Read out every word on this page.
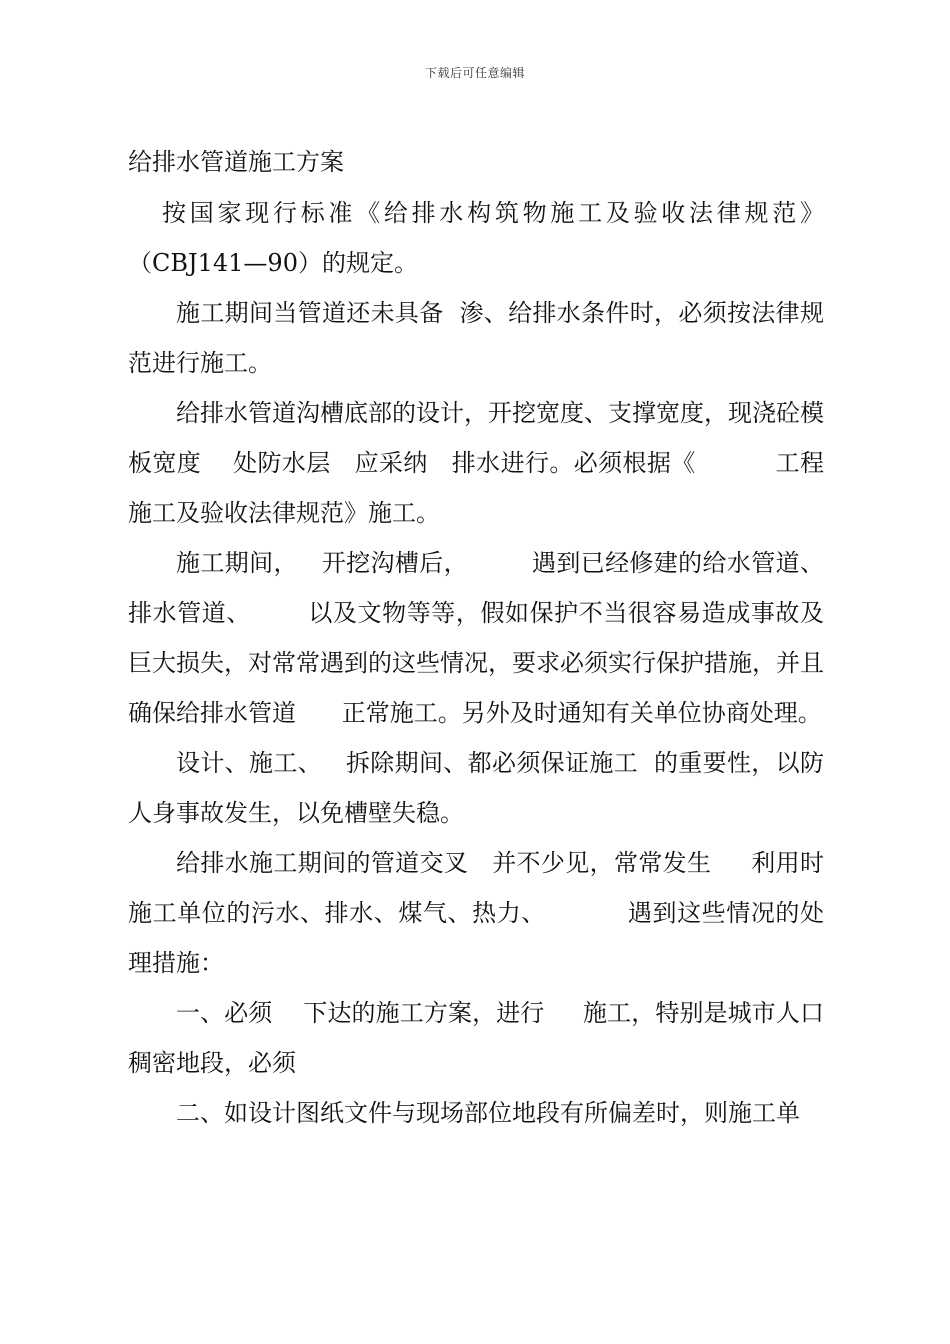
下载后可任意编辑
给排水管道施工方案

按国家现行标准《给排水构筑物施工及验收法律规范》（CBJ141—90）的规定。

施工期间当管道还未具备  渗、给排水条件时，必须按法律规范进行施工。

给排水管道沟槽底部的设计，开挖宽度、支撑宽度，现浇砼模板宽度    处防水层   应采纳   排水进行。必须根据《          工程施工及验收法律规范》施工。

施工期间，   开挖沟槽后，        遇到已经修建的给水管道、排水管道、       以及文物等等，假如保护不当很容易造成事故及巨大损失，对常常遇到的这些情况，要求必须实行保护措施，并且确保给排水管道      正常施工。另外及时通知有关单位协商处理。

设计、施工、   拆除期间、都必须保证施工  的重要性，以防人身事故发生，以免槽壁失稳。

给排水施工期间的管道交叉   并不少见，常常发生     利用时施工单位的污水、排水、煤气、热力、          遇到这些情况的处理措施：

一、必须    下达的施工方案，进行     施工，特别是城市人口稠密地段，必须

二、如设计图纸文件与现场部位地段有所偏差时，则施工单
